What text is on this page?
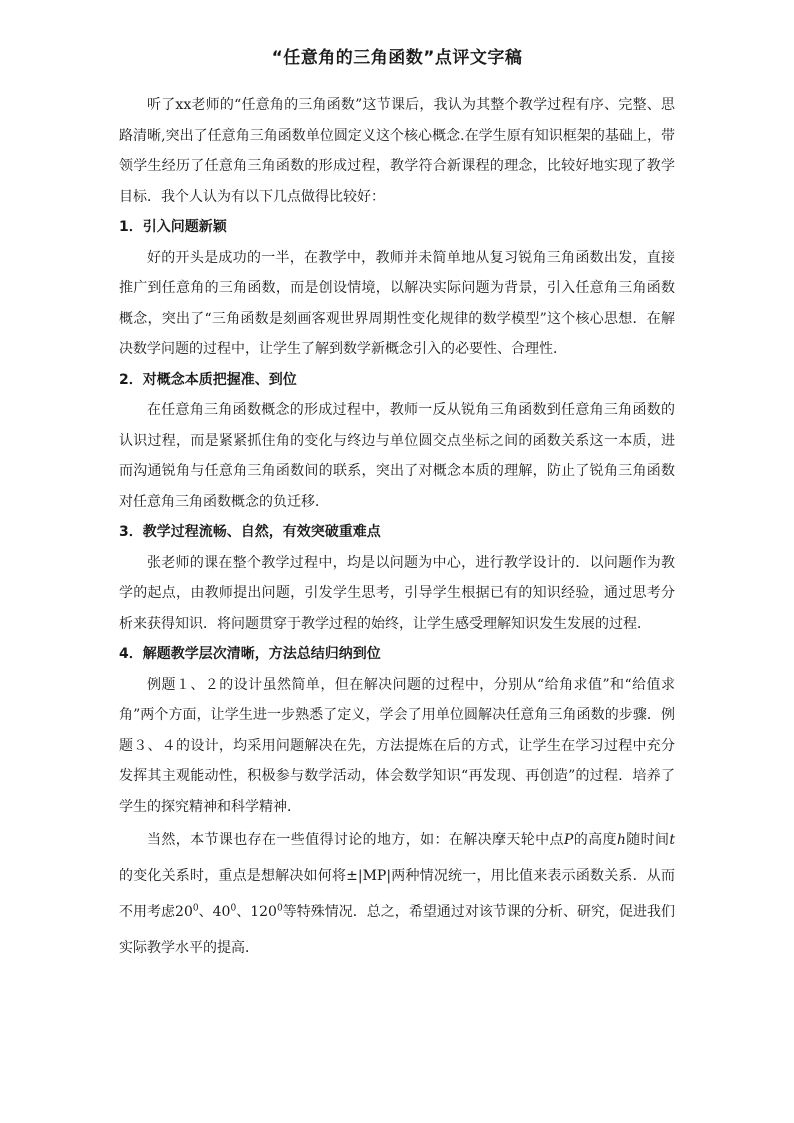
“任意角的三角函数”点评文字稿

听了xx老师的“任意角的三角函数”这节课后，我认为其整个教学过程有序、完整、思路清晰,突出了任意角三角函数单位圆定义这个核心概念.在学生原有知识框架的基础上，带领学生经历了任意角三角函数的形成过程，教学符合新课程的理念，比较好地实现了教学目标．我个人认为有以下几点做得比较好：

1．引入问题新颖

好的开头是成功的一半，在教学中，教师并未简单地从复习锐角三角函数出发，直接推广到任意角的三角函数，而是创设情境，以解决实际问题为背景，引入任意角三角函数概念，突出了“三角函数是刻画客观世界周期性变化规律的数学模型”这个核心思想．在解决数学问题的过程中，让学生了解到数学新概念引入的必要性、合理性．

2．对概念本质把握准、到位

在任意角三角函数概念的形成过程中，教师一反从锐角三角函数到任意角三角函数的认识过程，而是紧紧抓住角的变化与终边与单位圆交点坐标之间的函数关系这一本质，进而沟通锐角与任意角三角函数间的联系，突出了对概念本质的理解，防止了锐角三角函数对任意角三角函数概念的负迁移．

3．教学过程流畅、自然，有效突破重难点

张老师的课在整个教学过程中，均是以问题为中心，进行教学设计的．以问题作为教学的起点，由教师提出问题，引发学生思考，引导学生根据已有的知识经验，通过思考分析来获得知识．将问题贯穿于教学过程的始终，让学生感受理解知识发生发展的过程．

4．解题教学层次清晰，方法总结归纳到位

例题１、２的设计虽然简单，但在解决问题的过程中，分别从“给角求值”和“给值求角”两个方面，让学生进一步熟悉了定义，学会了用单位圆解决任意角三角函数的步骤．例题３、４的设计，均采用问题解决在先，方法提炼在后的方式，让学生在学习过程中充分发挥其主观能动性，积极参与数学活动，体会数学知识“再发现、再创造”的过程．培养了学生的探究精神和科学精神．

当然，本节课也存在一些值得讨论的地方，如：在解决摩天轮中点P的高度h随时间t的变化关系时，重点是想解决如何将±|MP|两种情况统一，用比值来表示函数关系．从而不用考虑$20^0$、$40^0$、$120^0$等特殊情况．总之，希望通过对该节课的分析、研究，促进我们实际教学水平的提高．
